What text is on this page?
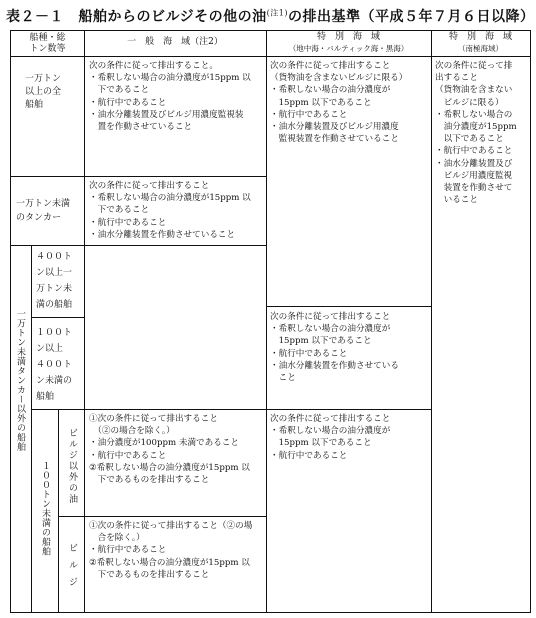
表２－１　船舶からのビルジその他の油$^{(注1)}$の排出基準（平成５年７月６日以降）
船種・総
トン数等
一　般　海　域（注2）	特　別　海　域
（地中海・バルティック海・黒海）
特　別　海　域
（南極海域）
一万トン
以上の全
船舶
次の条件に従って排出すること。
・希釈しない場合の油分濃度が15ppm 以
　下であること
・航行中であること
・油水分離装置及びビルジ用濃度監視装
　置を作動させていること
次の条件に従って排出すること
（貨物油を含まないビルジに限る）
・希釈しない場合の油分濃度が
　15ppm 以下であること
・航行中であること
・油水分離装置及びビルジ用濃度
　監視装置を作動させていること
次の条件に従って排
出すること
（貨物油を含まない
　ビルジに限る）
・希釈しない場合の
　油分濃度が15ppm
　以下であること
・航行中であること
・油水分離装置及び
　ビルジ用濃度監視
　装置を作動させて
　いること
一万トン未満
のタンカー
次の条件に従って排出すること
・希釈しない場合の油分濃度が15ppm 以
　下であること
・航行中であること
・油水分離装置を作動させていること
一万トン未満タンカー以外の船舶
４００ト
ン以上一
万トン未
満の船舶
１００ト
ン以上
４００ト
ン未満の
船舶
次の条件に従って排出すること
・希釈しない場合の油分濃度が
　15ppm 以下であること
・航行中であること
・油水分離装置を作動させている
　こと
１００トン未満の船舶 ビルジ以外の油
ビルジ
①次の条件に従って排出すること
　（②の場合を除く。）
・油分濃度が100ppm 未満であること
・航行中であること
②希釈しない場合の油分濃度が15ppm 以
　下であるものを排出すること
次の条件に従って排出すること
・希釈しない場合の油分濃度が
　15ppm 以下であること
・航行中であること
①次の条件に従って排出すること（②の場
　合を除く。）
・航行中であること
②希釈しない場合の油分濃度が15ppm 以
　下であるものを排出すること
